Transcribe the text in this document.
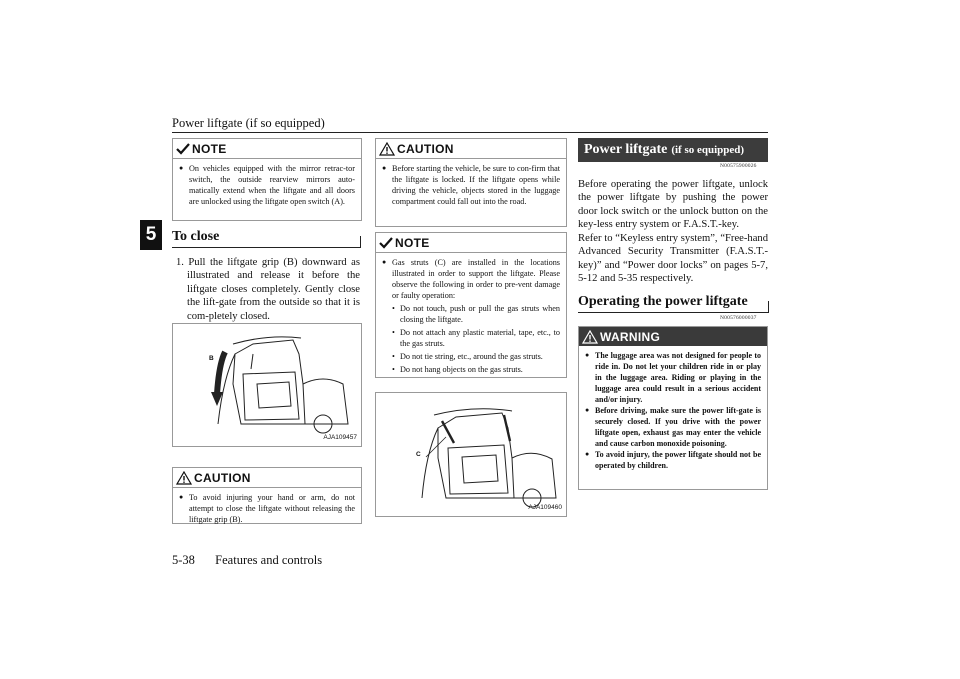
Power liftgate (if so equipped)
5
NOTE
● On vehicles equipped with the mirror retrac-tor switch, the outside rearview mirrors auto-matically extend when the liftgate and all doors are unlocked using the liftgate open switch (A).
To close
1. Pull the liftgate grip (B) downward as illustrated and release it before the liftgate closes completely. Gently close the lift-gate from the outside so that it is com-pletely closed.
B
AJA109457
CAUTION
● To avoid injuring your hand or arm, do not attempt to close the liftgate without releasing the liftgate grip (B).
CAUTION
● Before starting the vehicle, be sure to con-firm that the liftgate is locked. If the liftgate opens while driving the vehicle, objects stored in the luggage compartment could fall out into the road.
NOTE
● Gas struts (C) are installed in the locations illustrated in order to support the liftgate. Please observe the following in order to pre-vent damage or faulty operation:
• Do not touch, push or pull the gas struts when closing the liftgate.
• Do not attach any plastic material, tape, etc., to the gas struts.
• Do not tie string, etc., around the gas struts.
• Do not hang objects on the gas struts.
C
AJA109460
Power liftgate (if so equipped)
N00575900026
Before operating the power liftgate, unlock the power liftgate by pushing the power door lock switch or the unlock button on the key-less entry system or F.A.S.T.-key.
Refer to “Keyless entry system”, “Free-hand Advanced Security Transmitter (F.A.S.T.-key)” and “Power door locks” on pages 5-7, 5-12 and 5-35 respectively.
Operating the power liftgate
N00576000037
WARNING
● The luggage area was not designed for people to ride in. Do not let your children ride in or play in the luggage area. Riding or playing in the luggage area could result in a serious accident and/or injury.
● Before driving, make sure the power lift-gate is securely closed. If you drive with the power liftgate open, exhaust gas may enter the vehicle and cause carbon monoxide poisoning.
● To avoid injury, the power liftgate should not be operated by children.
5-38 Features and controls
